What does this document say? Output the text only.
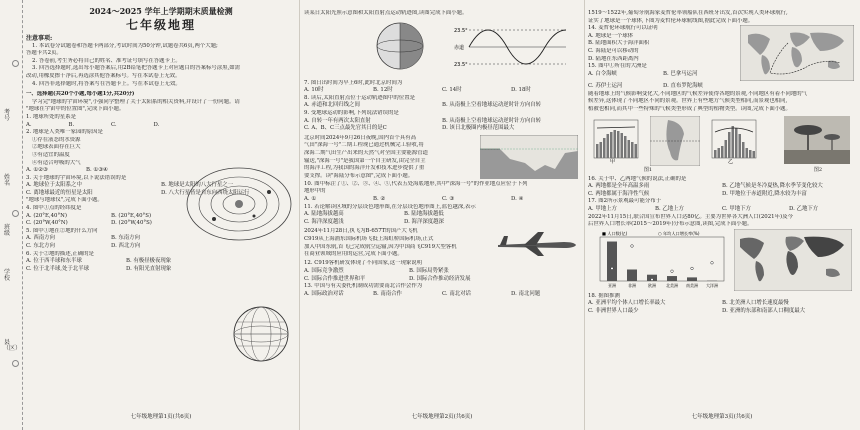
考号
姓名
班级
学校
县（区）
2024～2025 学年上学期期末质量检测
七年级地理
注意事项:
1. 本试卷分试题卷和答题卡两部分,考试时间为50分钟,试题卷共6页,两个大题;
答题卡共2页。
2. 答卷前,考生务必将自己的姓名、准考证号填写在答题卡上。
3. 回答选择题时,选出每小题答案后,用2B铅笔把答题卡上对应题目的答案标号涂黑,如需
改动,用橡皮擦干净后,再选涂其他答案标号。写在本试卷上无效。
4. 回答非选择题时,将答案写在答题卡上。写在本试卷上无效。
一、选择题(共20个小题,每小题1分,共20分)
学习完"地球的宇宙环境",小强同学整理了关于太阳系的相关资料,并设计了一份问题。请
"地球在宇宙中的位置图",完成下面小题。
1. 地球所处的星系是
A.	B.	C.	D.
2. 地球是人类唯一家园的原因是
①存在液态的水资源
②地球表面存在巨大
③有适宜的温度
④有适合呼吸的大气
A. ①②③	B. ①③④
3. 关于地球的宇宙环境,以下说法错误的是
A. 地球位于太阳系之中	B. 地球是太阳的八大行星之一
C. 离地球最近的恒星是太阳	D. 八大行星皆是自东向西绕太阳运行
"地球与地球仪",完成下面小题。
4. 图中①点的经纬度是
A. (20°E,40°N)	B. (20°E,40°S)
C. (20°W,40°N)	D. (20°W,40°S)
5. 图中①地在②地的什么方向
A. 西南方向	B. 东南方向
C. 东北方向	D. 西北方向
6. 关于②地的描述,正确的是
A. 位于西半球和东半球	B. 有极昼极夜现象
C. 位于北半球,处于北半球	D. 有阳光直射现象
七年级地理第1页(共6页)
读某日太阳光照示意图和太阳直射点运动轨迹图,读图完成下面小题。
23.5°
赤道
23.5°
7. 图日出时间为早上6时,此时北京时间为
A. 10时	B. 12时	C. 14时	D. 18时
8. 读后,太阳直射点位于运动轨迹图中的位置是
A. 赤道和北回归线之间	B. 从南极上空看地球运动逆时针方向自转
9. 受地球运动的影响,下列说法错误的是
A. 自转一年有两次太阳直射	B. 从南极上空看地球运动逆时针方向自转
C. A、B、C三点最先官其日的是C	D. 该日北极圈内极昼范围最大
北京时间2024年9月26日夜晚,国内首个具有高
气田"深海一号"二期工程现已通过机械完工验收,将
深海二期气田生产出来的天然气对全国主要能源管道
输送,"深海一号"是我国第一个自主研发,由完全自主
的海洋工程,为我国的海洋开发和技术进步提供了重
要支撑。读"海陆分布示意图",完成下面小题。
10. 图中标注了①、②、③、④、⑤,代表五处海底地形,其中"深海一号"的作业地点应位于下列
地形中的
A. ①	B. ②	C. ③	D. ④
11. 若论解读区域的分层设色地形图,在分层设色地形图上,蓝色越深,表示
A. 陆地海拔越高	B. 陆地海拔越低
C. 海洋深度越浅	D. 海洋深度越深
2024年11月28日,执飞为B-657T的国产大飞机
C919从上海浦东国际机场飞抵上海虹桥国际机场,正式
加入中国东航,首飞已完成航空运输,因为中国商飞C919大型客机
在商业领域的应用的运营,完成下面小题。
12. C919客机研发体现了不同国家,这一现象说明
A. 国际竞争激烈	B. 国际局势紧张
C. 国际合作推进世界和平	D. 国际合作推动经济发展
13. 中国与有关委托机制成功需要南北合作会作为
A. 国际政治对话	B. 南南合作	C. 南北对话	D. 南北问题
七年级地理第2页(共6页)
1519～1522年,葡萄牙航海家麦哲伦率领船队在西班牙出发,首次实现人类环球航行,
证实了地球是一个球体,下图为麦哲伦环球航线图,据此完成下面小题。
14. 麦哲伦环球航行可以证明
A. 地球是一个球体
B. 陆地面积大于海洋面积
C. 海陆是可以移动的
D. 陆地在东西距离内
15. 图中①所在的大洲是
A. 白令海峡	B. 巴拿马运河
C. 苏伊士运河	D. 直布罗陀海峡
随着地球上的气候影响变化大,不同地区的气候差异使得各地的景观,不同地区有着不同地的气
候差异,这体现了不同地区不同的景观。世界上有些地方气候类型相同,而景观也相同,
植被也相同,而其中一些特殊的气候类型形成了典型的植物类型。读图,完成下面小题。
甲	乙
图1	图2
16. 关于甲、乙两地气候的说法,正确的是
A. 两地都是全年高温多雨	B. 乙地气候是冬冷夏热,降水季节变化较大
C. 两地都属于海洋性气候	D. 甲地位于赤道附近,降水较为丰富
17. 图2所示景观最可能分布于
A. 甲地上方	B. 乙地上方	C. 甲地下方	D. 乙地下方
2022年11月15日,联合国宣布世界人口达80亿。主要为世界各大洲人口(2021年)及今
后世界人口增长率(2015～2019年)分布示意图,读图,完成下面小题。
■ 人口数(亿)	○ 年均人口增长率(%)
亚洲	非洲	欧洲	北美洲 南美洲 大洋洲
18. 据图推测
A. 亚洲平均个体人口增长率最大	B. 北美洲人口增长速度最慢
C. 非洲世界人口最少	D. 亚洲的东部和南部人口稠度最大
七年级地理第3页(共6页)
